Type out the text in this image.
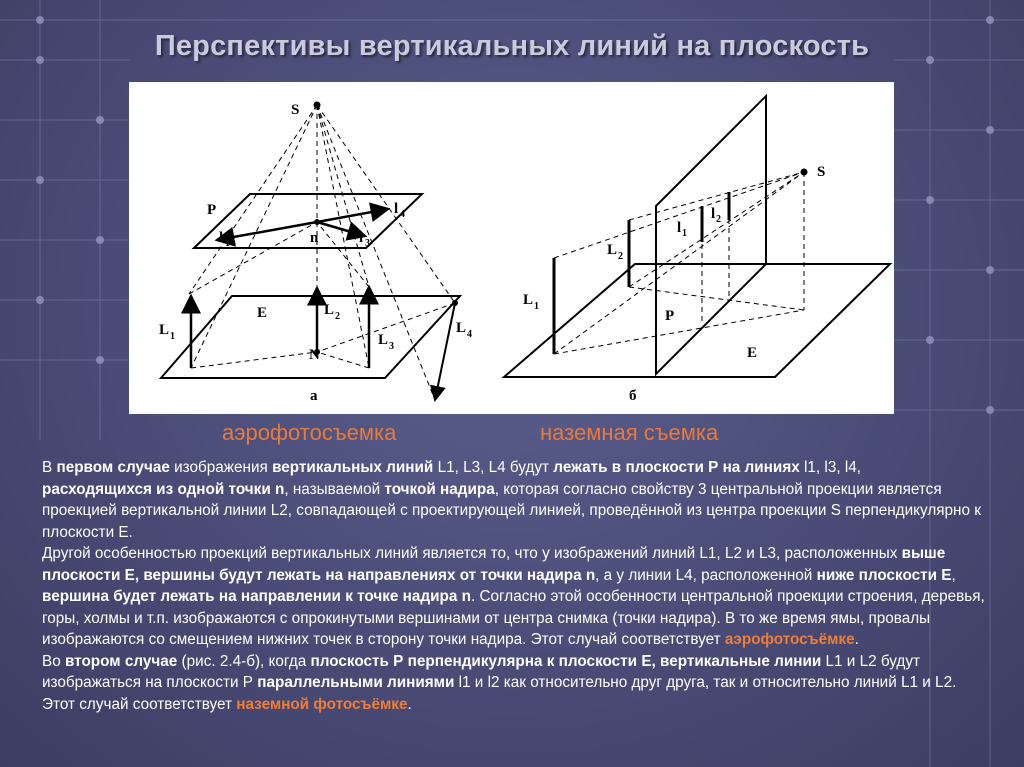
Перспективы вертикальных линий на плоскость
S
P
n
l 1	l 3
l 4
E
N
L 1
L 2
L 3
L 4
а
S
P
E
l 1
l 2
L 1
L 2
б
аэрофотосъемка	наземная съемка

В первом случае изображения вертикальных линий L1, L3, L4 будут лежать в плоскости Р на линиях l1, l3, l4,
расходящихся из одной точки n, называемой точкой надира, которая согласно свойству 3 центральной проекции является проекцией вертикальной линии L2, совпадающей с проектирующей линией, проведённой из центра проекции S перпендикулярно к плоскости Е.

Другой особенностью проекций вертикальных линий является то, что у изображений линий L1, L2 и L3, расположенных выше плоскости Е, вершины будут лежать на направлениях от точки надира n, а у линии L4, расположенной ниже плоскости Е, вершина будет лежать на направлении к точке надира n. Согласно этой особенности центральной проекции строения, деревья, горы, холмы и т.п. изображаются с опрокинутыми вершинами от центра снимка (точки надира). В то же время ямы, провалы изображаются со смещением нижних точек в сторону точки надира. Этот случай соответствует аэрофотосъёмке.

Во втором случае (рис. 2.4-б), когда плоскость Р перпендикулярна к плоскости Е, вертикальные линии L1 и L2 будут изображаться на плоскости Р параллельными линиями l1 и l2 как относительно друг друга, так и относительно линий L1 и L2. Этот случай соответствует наземной фотосъёмке.
